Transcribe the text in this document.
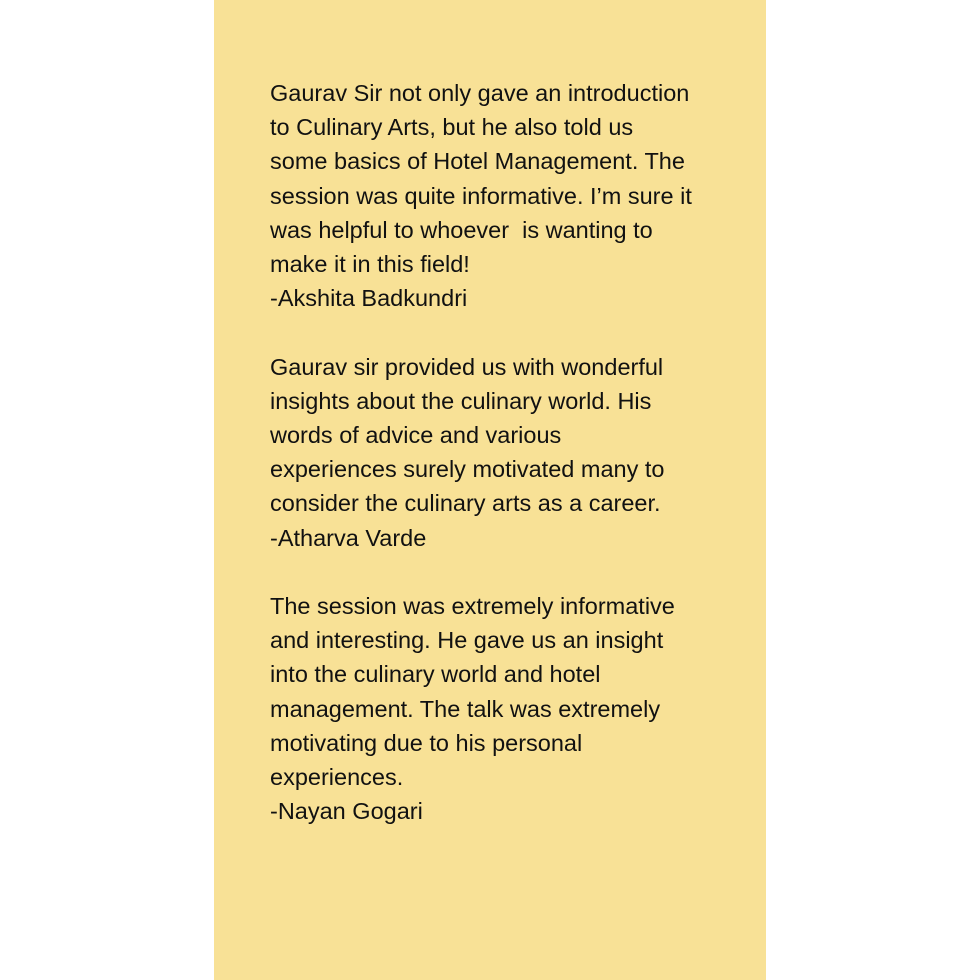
Gaurav Sir not only gave an introduction
to Culinary Arts, but he also told us
some basics of Hotel Management. The
session was quite informative. I’m sure it
was helpful to whoever  is wanting to
make it in this field!
-Akshita Badkundri
Gaurav sir provided us with wonderful
insights about the culinary world. His
words of advice and various
experiences surely motivated many to
consider the culinary arts as a career.
-Atharva Varde
The session was extremely informative
and interesting. He gave us an insight
into the culinary world and hotel
management. The talk was extremely
motivating due to his personal
experiences.
-Nayan Gogari
